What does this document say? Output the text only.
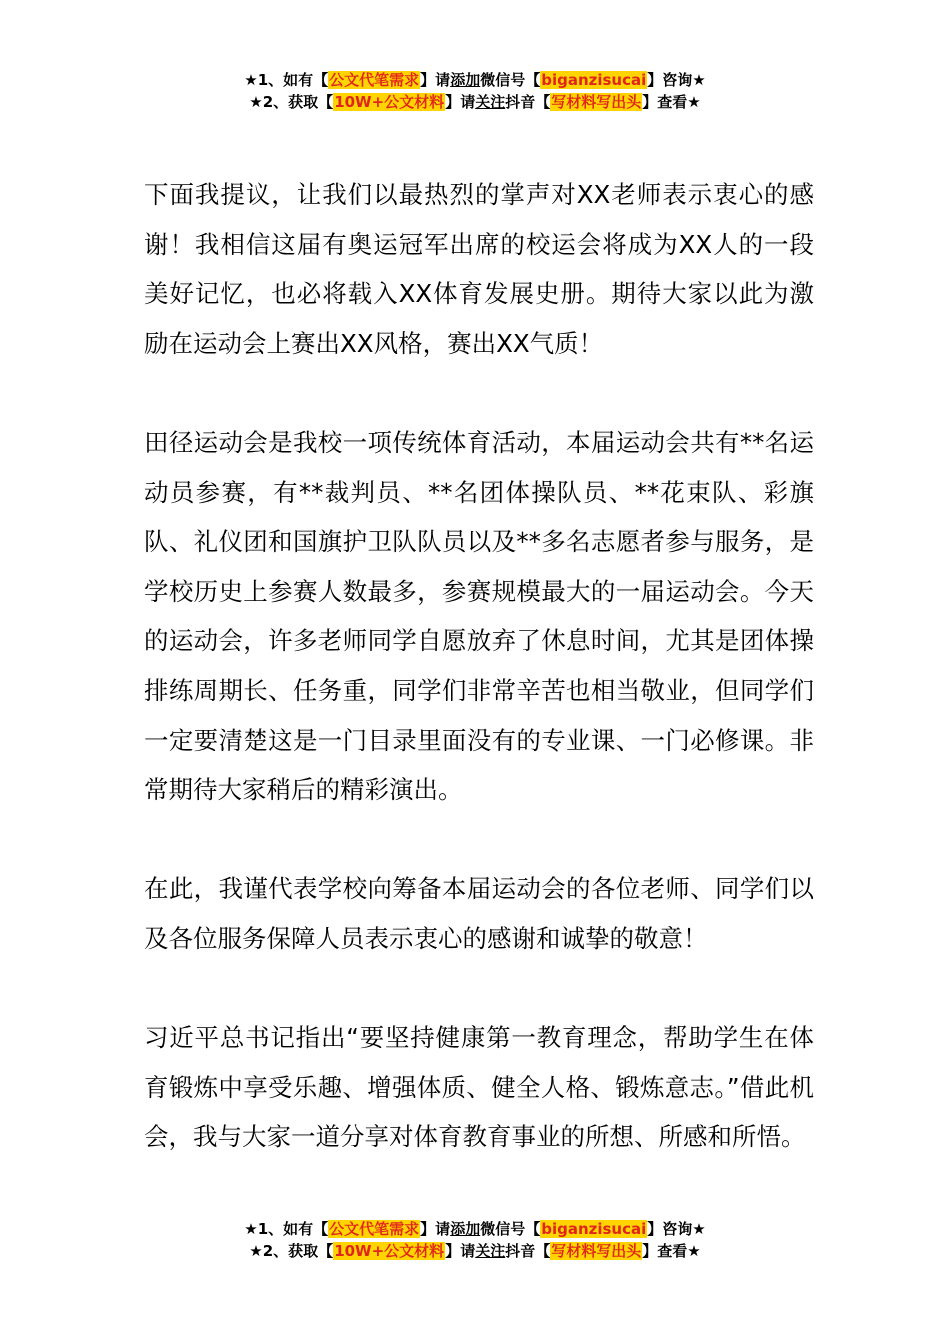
★1、如有【公文代笔需求】请添加微信号【biganzisucai】咨询★
★2、获取【10W+公文材料】请关注抖音【写材料写出头】查看★

下面我提议，让我们以最热烈的掌声对XX老师表示衷心的感谢！我相信这届有奥运冠军出席的校运会将成为XX人的一段美好记忆，也必将载入XX体育发展史册。期待大家以此为激励在运动会上赛出XX风格，赛出XX气质！

田径运动会是我校一项传统体育活动，本届运动会共有**名运动员参赛，有**裁判员、**名团体操队员、**花束队、彩旗队、礼仪团和国旗护卫队队员以及**多名志愿者参与服务，是学校历史上参赛人数最多，参赛规模最大的一届运动会。今天的运动会，许多老师同学自愿放弃了休息时间，尤其是团体操排练周期长、任务重，同学们非常辛苦也相当敬业，但同学们一定要清楚这是一门目录里面没有的专业课、一门必修课。非常期待大家稍后的精彩演出。

在此，我谨代表学校向筹备本届运动会的各位老师、同学们以及各位服务保障人员表示衷心的感谢和诚挚的敬意！

习近平总书记指出“要坚持健康第一教育理念，帮助学生在体育锻炼中享受乐趣、增强体质、健全人格、锻炼意志。”借此机会，我与大家一道分享对体育教育事业的所想、所感和所悟。

★1、如有【公文代笔需求】请添加微信号【biganzisucai】咨询★
★2、获取【10W+公文材料】请关注抖音【写材料写出头】查看★
